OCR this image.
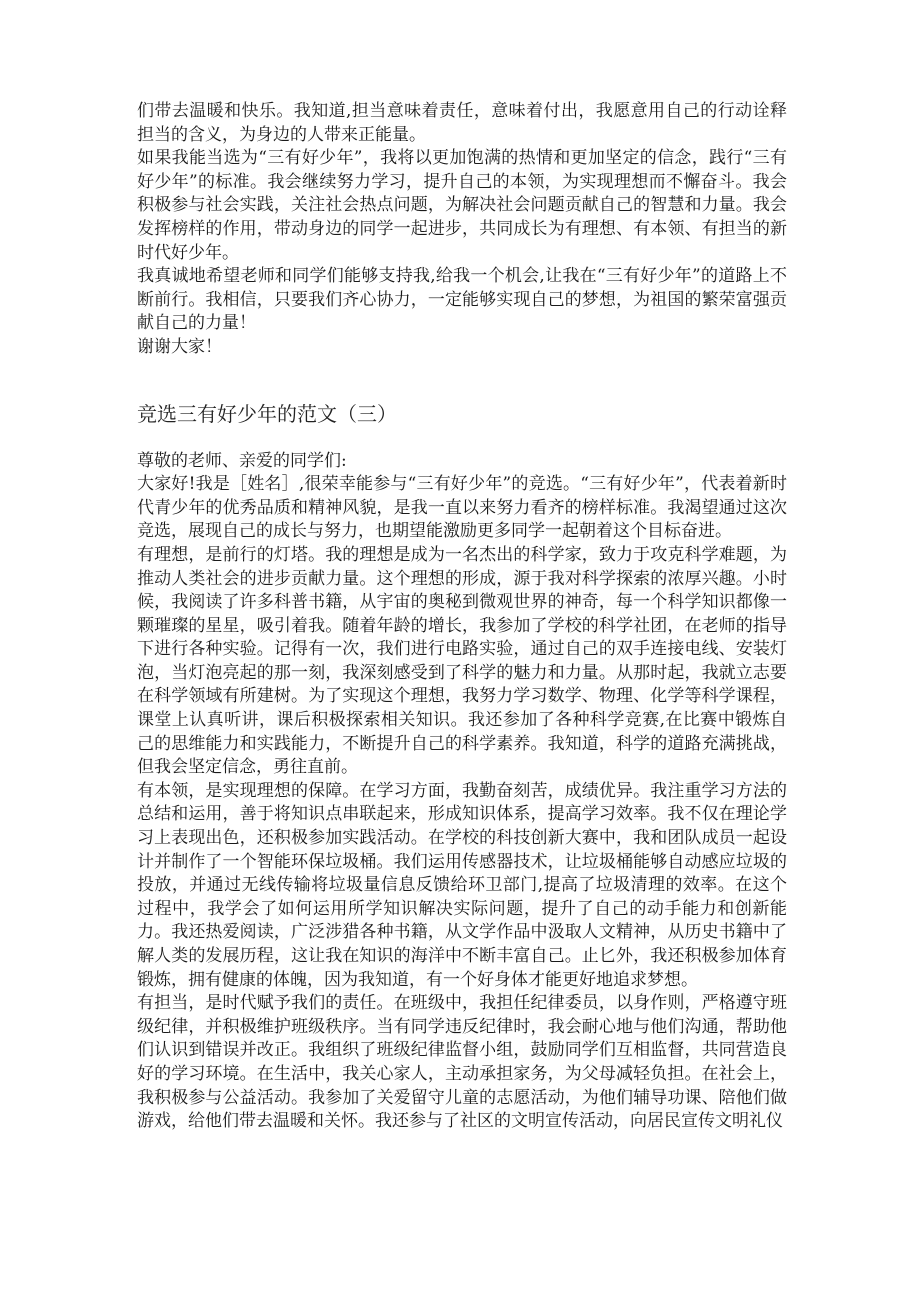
们带去温暖和快乐。我知道,担当意味着责任，意味着付出，我愿意用自己的行动诠释担当的含义，为身边的人带来正能量。

如果我能当选为“三有好少年”，我将以更加饱满的热情和更加坚定的信念，践行“三有好少年”的标准。我会继续努力学习，提升自己的本领，为实现理想而不懈奋斗。我会积极参与社会实践，关注社会热点问题，为解决社会问题贡献自己的智慧和力量。我会发挥榜样的作用，带动身边的同学一起进步，共同成长为有理想、有本领、有担当的新时代好少年。

我真诚地希望老师和同学们能够支持我,给我一个机会,让我在“三有好少年”的道路上不断前行。我相信，只要我们齐心协力，一定能够实现自己的梦想，为祖国的繁荣富强贡献自己的力量！

谢谢大家！

竞选三有好少年的范文（三）

尊敬的老师、亲爱的同学们:

大家好!我是［姓名］,很荣幸能参与“三有好少年”的竞选。“三有好少年”，代表着新时代青少年的优秀品质和精神风貌，是我一直以来努力看齐的榜样标准。我渴望通过这次竞选，展现自己的成长与努力，也期望能激励更多同学一起朝着这个目标奋进。

有理想，是前行的灯塔。我的理想是成为一名杰出的科学家，致力于攻克科学难题，为推动人类社会的进步贡献力量。这个理想的形成，源于我对科学探索的浓厚兴趣。小时候，我阅读了许多科普书籍，从宇宙的奥秘到微观世界的神奇，每一个科学知识都像一颗璀璨的星星，吸引着我。随着年龄的增长，我参加了学校的科学社团，在老师的指导下进行各种实验。记得有一次，我们进行电路实验，通过自己的双手连接电线、安装灯泡，当灯泡亮起的那一刻，我深刻感受到了科学的魅力和力量。从那时起，我就立志要在科学领域有所建树。为了实现这个理想，我努力学习数学、物理、化学等科学课程，课堂上认真听讲，课后积极探索相关知识。我还参加了各种科学竞赛,在比赛中锻炼自己的思维能力和实践能力，不断提升自己的科学素养。我知道，科学的道路充满挑战，但我会坚定信念，勇往直前。

有本领，是实现理想的保障。在学习方面，我勤奋刻苦，成绩优异。我注重学习方法的总结和运用，善于将知识点串联起来，形成知识体系，提高学习效率。我不仅在理论学习上表现出色，还积极参加实践活动。在学校的科技创新大赛中，我和团队成员一起设计并制作了一个智能环保垃圾桶。我们运用传感器技术，让垃圾桶能够自动感应垃圾的投放，并通过无线传输将垃圾量信息反馈给环卫部门,提高了垃圾清理的效率。在这个过程中，我学会了如何运用所学知识解决实际问题，提升了自己的动手能力和创新能力。我还热爱阅读，广泛涉猎各种书籍，从文学作品中汲取人文精神，从历史书籍中了解人类的发展历程，这让我在知识的海洋中不断丰富自己。止匕外，我还积极参加体育锻炼，拥有健康的体魄，因为我知道，有一个好身体才能更好地追求梦想。

有担当，是时代赋予我们的责任。在班级中，我担任纪律委员，以身作则，严格遵守班级纪律，并积极维护班级秩序。当有同学违反纪律时，我会耐心地与他们沟通，帮助他们认识到错误并改正。我组织了班级纪律监督小组，鼓励同学们互相监督，共同营造良好的学习环境。在生活中，我关心家人，主动承担家务，为父母减轻负担。在社会上，我积极参与公益活动。我参加了关爱留守儿童的志愿活动，为他们辅导功课、陪他们做游戏，给他们带去温暖和关怀。我还参与了社区的文明宣传活动，向居民宣传文明礼仪
